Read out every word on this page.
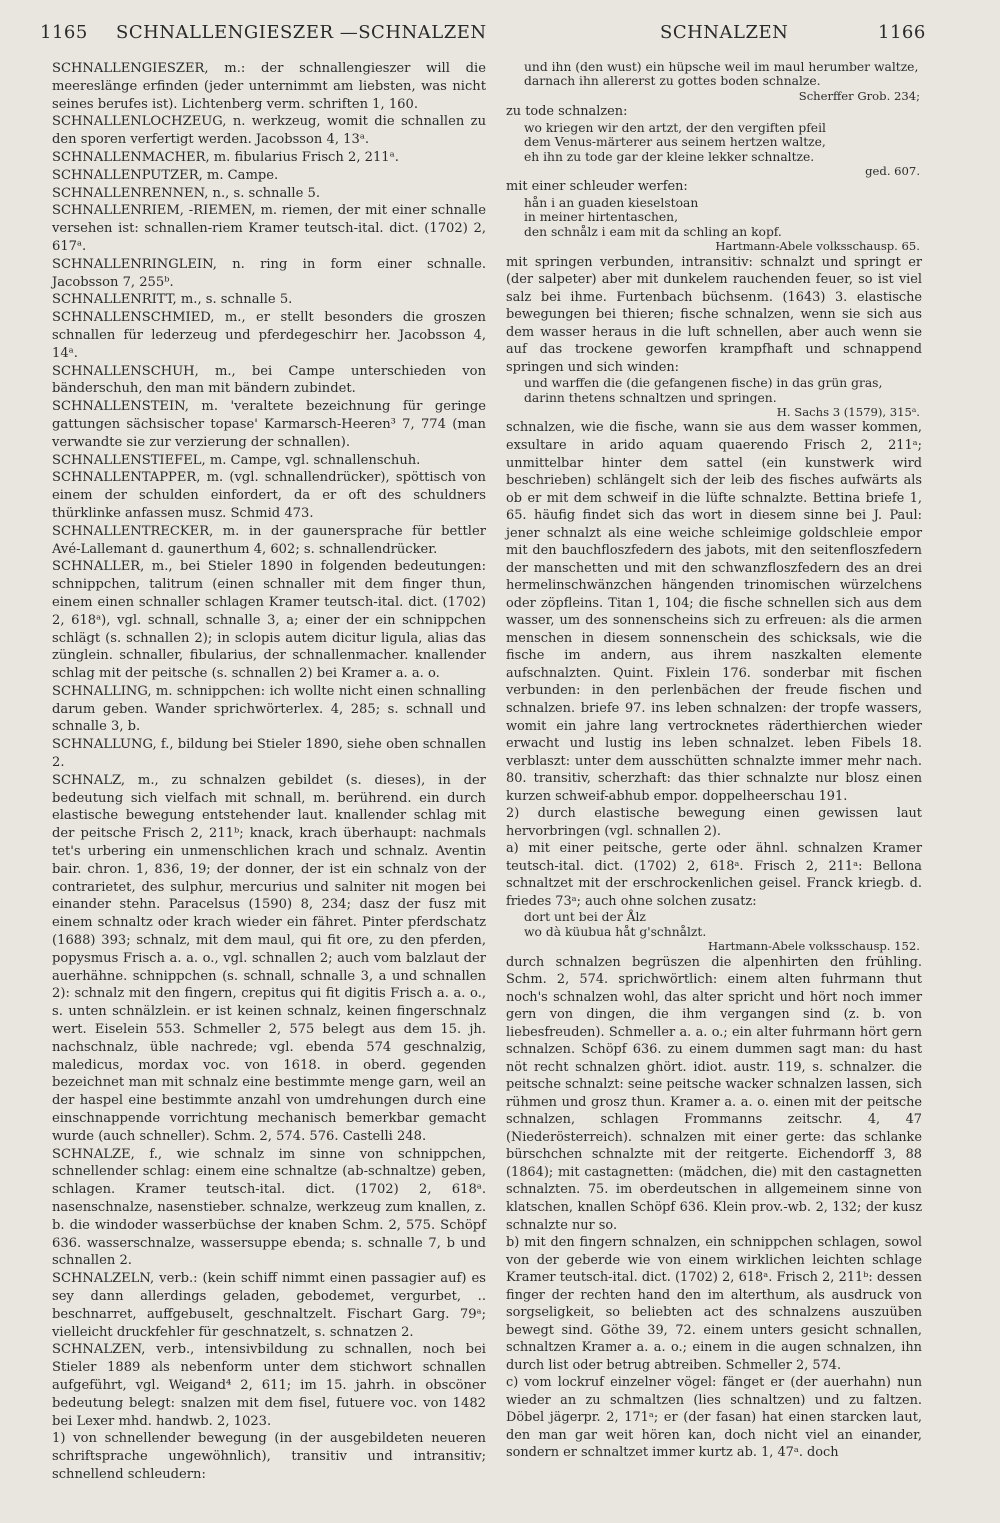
1165 SCHNALLENGIESZER —SCHNALZEN	SCHNALZEN	1166
SCHNALLENGIESZER, m.: der schnallengieszer will die meereslänge erfinden (jeder unternimmt am liebsten, was nicht seines berufes ist). Lichtenberg verm. schriften 1, 160.
SCHNALLENLOCHZEUG, n. werkzeug, womit die schnallen zu den sporen verfertigt werden. Jacobsson 4, 13ᵃ.
SCHNALLENMACHER, m. fibularius Frisch 2, 211ᵃ.
SCHNALLENPUTZER, m. Campe.
SCHNALLENRENNEN, n., s. schnalle 5.
SCHNALLENRIEM, -RIEMEN, m. riemen, der mit einer schnalle versehen ist: schnallen-riem Kramer teutsch-ital. dict. (1702) 2, 617ᵃ.
SCHNALLENRINGLEIN, n. ring in form einer schnalle. Jacobsson 7, 255ᵇ.
SCHNALLENRITT, m., s. schnalle 5.
SCHNALLENSCHMIED, m., er stellt besonders die groszen schnallen für lederzeug und pferdegeschirr her. Jacobsson 4, 14ᵃ.
SCHNALLENSCHUH, m., bei Campe unterschieden von bänderschuh, den man mit bändern zubindet.
SCHNALLENSTEIN, m. 'veraltete bezeichnung für geringe gattungen sächsischer topase' Karmarsch-Heeren³ 7, 774 (man verwandte sie zur verzierung der schnallen).
SCHNALLENSTIEFEL, m. Campe, vgl. schnallenschuh.
SCHNALLENTAPPER, m. (vgl. schnallendrücker), spöttisch von einem der schulden einfordert, da er oft des schuldners thürklinke anfassen musz. Schmid 473.
SCHNALLENTRECKER, m. in der gaunersprache für bettler Avé-Lallemant d. gaunerthum 4, 602; s. schnallendrücker.
SCHNALLER, m., bei Stieler 1890 in folgenden bedeutungen: schnippchen, talitrum (einen schnaller mit dem finger thun, einem einen schnaller schlagen Kramer teutsch-ital. dict. (1702) 2, 618ᵃ), vgl. schnall, schnalle 3, a; einer der ein schnippchen schlägt (s. schnallen 2); in sclopis autem dicitur ligula, alias das zünglein. schnaller, fibularius, der schnallenmacher. knallender schlag mit der peitsche (s. schnallen 2) bei Kramer a. a. o.
SCHNALLING, m. schnippchen: ich wollte nicht einen schnalling darum geben. Wander sprichwörterlex. 4, 285; s. schnall und schnalle 3, b.
SCHNALLUNG, f., bildung bei Stieler 1890, siehe oben schnallen 2.
SCHNALZ, m., zu schnalzen gebildet (s. dieses), in der bedeutung sich vielfach mit schnall, m. berührend. ein durch elastische bewegung entstehender laut. knallender schlag mit der peitsche Frisch 2, 211ᵇ; knack, krach überhaupt: nachmals tet's urbering ein unmenschlichen krach und schnalz. Aventin bair. chron. 1, 836, 19; der donner, der ist ein schnalz von der contrarietet, des sulphur, mercurius und salniter nit mogen bei einander stehn. Paracelsus (1590) 8, 234; dasz der fusz mit einem schnaltz oder krach wieder ein fähret. Pinter pferdschatz (1688) 393; schnalz, mit dem maul, qui fit ore, zu den pferden, popysmus Frisch a. a. o., vgl. schnallen 2; auch vom balzlaut der auerhähne. schnippchen (s. schnall, schnalle 3, a und schnallen 2): schnalz mit den fingern, crepitus qui fit digitis Frisch a. a. o., s. unten schnälzlein. er ist keinen schnalz, keinen fingerschnalz wert. Eiselein 553. Schmeller 2, 575 belegt aus dem 15. jh. nachschnalz, üble nachrede; vgl. ebenda 574 geschnalzig, maledicus, mordax voc. von 1618. in oberd. gegenden bezeichnet man mit schnalz eine bestimmte menge garn, weil an der haspel eine bestimmte anzahl von umdrehungen durch eine einschnappende vorrichtung mechanisch bemerkbar gemacht wurde (auch schneller). Schm. 2, 574. 576. Castelli 248.
SCHNALZE, f., wie schnalz im sinne von schnippchen, schnellender schlag: einem eine schnaltze (ab-schnaltze) geben, schlagen. Kramer teutsch-ital. dict. (1702) 2, 618ᵃ. nasenschnalze, nasenstieber. schnalze, werkzeug zum knallen, z. b. die windoder wasserbüchse der knaben Schm. 2, 575. Schöpf 636. wasserschnalze, wassersuppe ebenda; s. schnalle 7, b und schnallen 2.
SCHNALZELN, verb.: (kein schiff nimmt einen passagier auf) es sey dann allerdings geladen, gebodemet, vergurbet, .. beschnarret, auffgebuselt, geschnaltzelt. Fischart Garg. 79ᵃ; vielleicht druckfehler für geschnatzelt, s. schnatzen 2.
SCHNALZEN, verb., intensivbildung zu schnallen, noch bei Stieler 1889 als nebenform unter dem stichwort schnallen aufgeführt, vgl. Weigand⁴ 2, 611; im 15. jahrh. in obscöner bedeutung belegt: snalzen mit dem fisel, futuere voc. von 1482 bei Lexer mhd. handwb. 2, 1023.
1) von schnellender bewegung (in der ausgebildeten neueren schriftsprache ungewöhnlich), transitiv und intransitiv; schnellend schleudern:
und ihn (den wust) ein hüpsche weil im maul herumber waltze,
darnach ihn allererst zu gottes boden schnalze.
Scherffer Grob. 234;
zu tode schnalzen:
wo kriegen wir den artzt, der den vergiften pfeil
dem Venus-märterer aus seinem hertzen waltze,
eh ihn zu tode gar der kleine lekker schnaltze.
ged. 607.
mit einer schleuder werfen:
hån i an guaden kieselstoan
in meiner hirtentaschen,
den schnålz i eam mit da schling an kopf.
Hartmann-Abele volksschausp. 65.
mit springen verbunden, intransitiv: schnalzt und springt er (der salpeter) aber mit dunkelem rauchenden feuer, so ist viel salz bei ihme. Furtenbach büchsenm. (1643) 3. elastische bewegungen bei thieren; fische schnalzen, wenn sie sich aus dem wasser heraus in die luft schnellen, aber auch wenn sie auf das trockene geworfen krampfhaft und schnappend springen und sich winden:
und warffen die (die gefangenen fische) in das grün gras,
darinn thetens schnaltzen und springen.
H. Sachs 3 (1579), 315ᵃ.
schnalzen, wie die fische, wann sie aus dem wasser kommen, exsultare in arido aquam quaerendo Frisch 2, 211ᵃ; unmittelbar hinter dem sattel (ein kunstwerk wird beschrieben) schlängelt sich der leib des fisches aufwärts als ob er mit dem schweif in die lüfte schnalzte. Bettina briefe 1, 65. häufig findet sich das wort in diesem sinne bei J. Paul: jener schnalzt als eine weiche schleimige goldschleie empor mit den bauchfloszfedern des jabots, mit den seitenfloszfedern der manschetten und mit den schwanzfloszfedern des an drei hermelinschwänzchen hängenden trinomischen würzelchens oder zöpfleins. Titan 1, 104; die fische schnellen sich aus dem wasser, um des sonnenscheins sich zu erfreuen: als die armen menschen in diesem sonnenschein des schicksals, wie die fische im andern, aus ihrem naszkalten elemente aufschnalzten. Quint. Fixlein 176. sonderbar mit fischen verbunden: in den perlenbächen der freude fischen und schnalzen. briefe 97. ins leben schnalzen: der tropfe wassers, womit ein jahre lang vertrocknetes räderthierchen wieder erwacht und lustig ins leben schnalzet. leben Fibels 18. verblaszt: unter dem ausschütten schnalzte immer mehr nach. 80. transitiv, scherzhaft: das thier schnalzte nur blosz einen kurzen schweif-abhub empor. doppelheerschau 191.
2) durch elastische bewegung einen gewissen laut hervorbringen (vgl. schnallen 2).
a) mit einer peitsche, gerte oder ähnl. schnalzen Kramer teutsch-ital. dict. (1702) 2, 618ᵃ. Frisch 2, 211ᵃ: Bellona schnaltzet mit der erschrockenlichen geisel. Franck kriegb. d. friedes 73ᵃ; auch ohne solchen zusatz:
dort unt bei der Ålz
wo dà küubua håt g'schnålzt.
Hartmann-Abele volksschausp. 152.
durch schnalzen begrüszen die alpenhirten den frühling. Schm. 2, 574. sprichwörtlich: einem alten fuhrmann thut noch's schnalzen wohl, das alter spricht und hört noch immer gern von dingen, die ihm vergangen sind (z. b. von liebesfreuden). Schmeller a. a. o.; ein alter fuhrmann hört gern schnalzen. Schöpf 636. zu einem dummen sagt man: du hast nöt recht schnalzen ghört. idiot. austr. 119, s. schnalzer. die peitsche schnalzt: seine peitsche wacker schnalzen lassen, sich rühmen und grosz thun. Kramer a. a. o. einen mit der peitsche schnalzen, schlagen Frommanns zeitschr. 4, 47 (Niederösterreich). schnalzen mit einer gerte: das schlanke bürschchen schnalzte mit der reitgerte. Eichendorff 3, 88 (1864); mit castagnetten: (mädchen, die) mit den castagnetten schnalzten. 75. im oberdeutschen in allgemeinem sinne von klatschen, knallen Schöpf 636. Klein prov.-wb. 2, 132; der kusz schnalzte nur so.
b) mit den fingern schnalzen, ein schnippchen schlagen, sowol von der geberde wie von einem wirklichen leichten schlage Kramer teutsch-ital. dict. (1702) 2, 618ᵃ. Frisch 2, 211ᵇ: dessen finger der rechten hand den im alterthum, als ausdruck von sorgseligkeit, so beliebten act des schnalzens auszuüben bewegt sind. Göthe 39, 72. einem unters gesicht schnallen, schnaltzen Kramer a. a. o.; einem in die augen schnalzen, ihn durch list oder betrug abtreiben. Schmeller 2, 574.
c) vom lockruf einzelner vögel: fänget er (der auerhahn) nun wieder an zu schmaltzen (lies schnaltzen) und zu faltzen. Döbel jägerpr. 2, 171ᵃ; er (der fasan) hat einen starcken laut, den man gar weit hören kan, doch nicht viel an einander, sondern er schnaltzet immer kurtz ab. 1, 47ᵃ. doch
